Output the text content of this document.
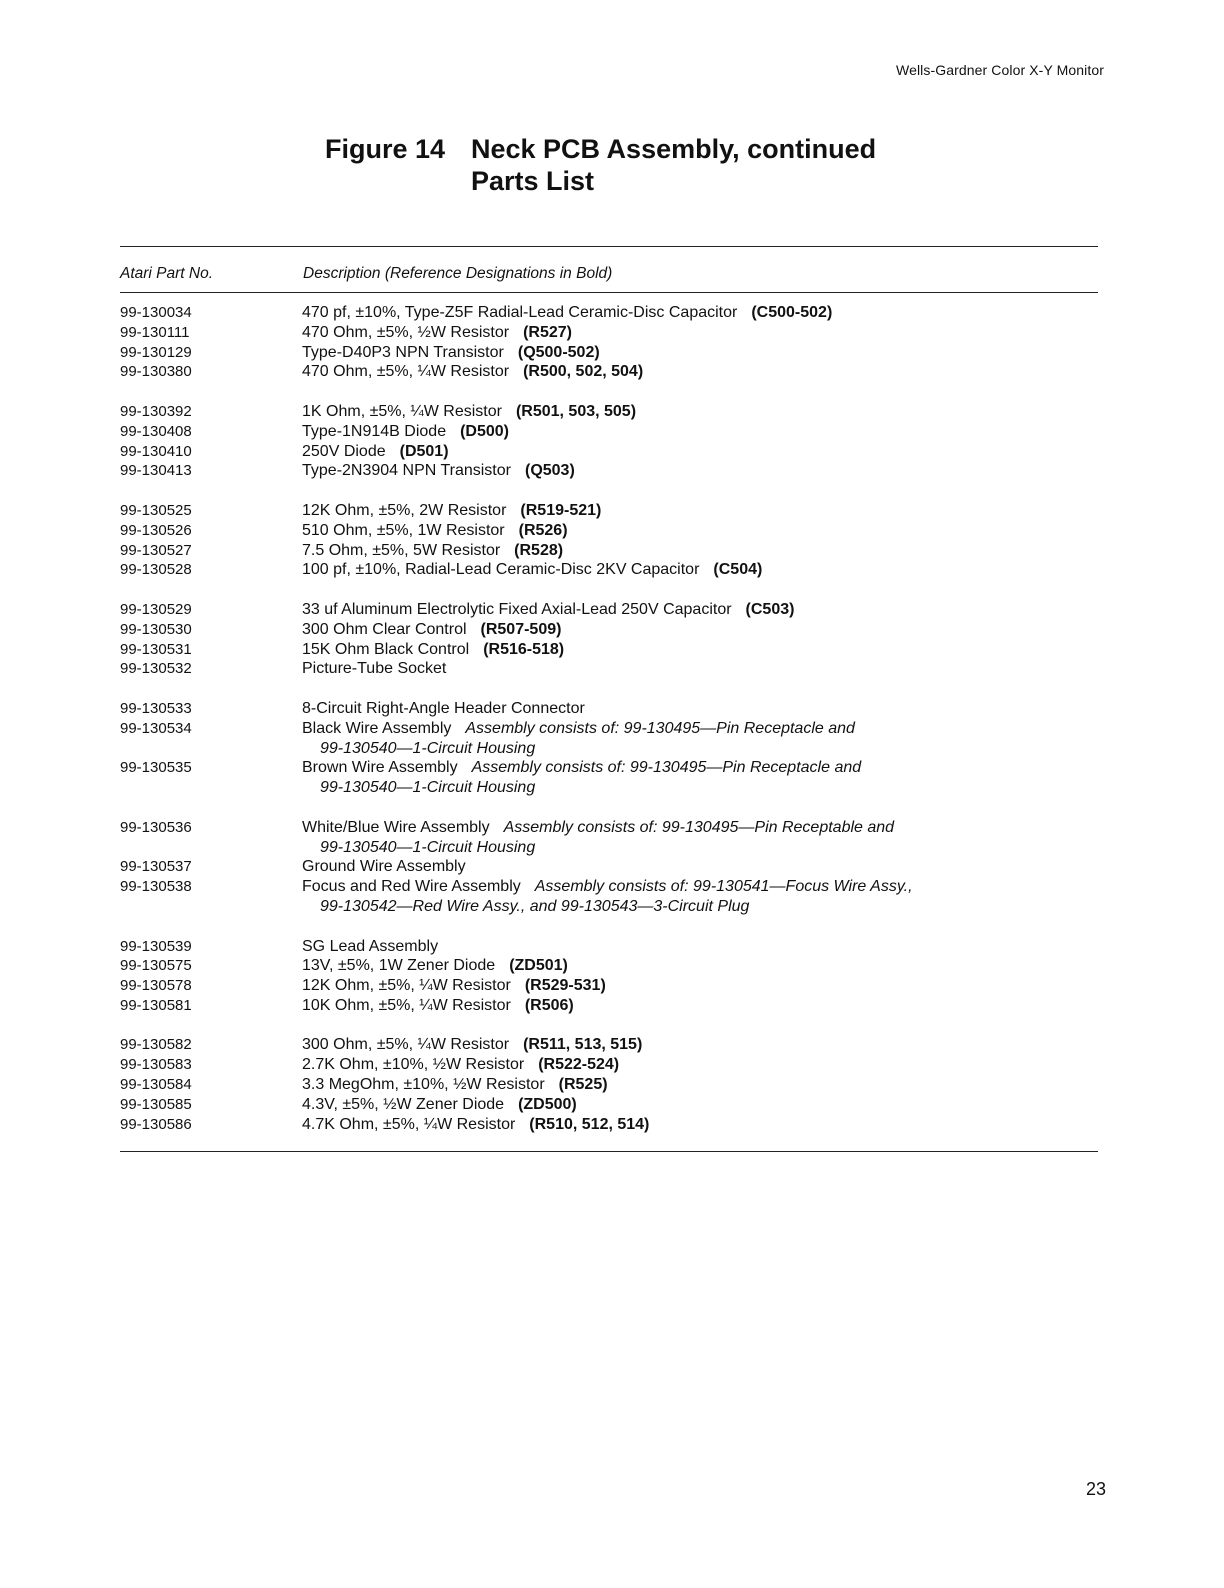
Wells-Gardner Color X-Y Monitor
Figure 14 Neck PCB Assembly, continued
Parts List
Atari Part No.	Description (Reference Designations in Bold)
99-130034	470 pf, ±10%, Type-Z5F Radial-Lead Ceramic-Disc Capacitor (C500-502)
99-130111	470 Ohm, ±5%, ½W Resistor (R527)
99-130129	Type-D40P3 NPN Transistor (Q500-502)
99-130380	470 Ohm, ±5%, ¼W Resistor (R500, 502, 504)
99-130392	1K Ohm, ±5%, ¼W Resistor (R501, 503, 505)
99-130408	Type-1N914B Diode (D500)
99-130410	250V Diode (D501)
99-130413	Type-2N3904 NPN Transistor (Q503)
99-130525	12K Ohm, ±5%, 2W Resistor (R519-521)
99-130526	510 Ohm, ±5%, 1W Resistor (R526)
99-130527	7.5 Ohm, ±5%, 5W Resistor (R528)
99-130528	100 pf, ±10%, Radial-Lead Ceramic-Disc 2KV Capacitor (C504)
99-130529	33 uf Aluminum Electrolytic Fixed Axial-Lead 250V Capacitor (C503)
99-130530	300 Ohm Clear Control (R507-509)
99-130531	15K Ohm Black Control (R516-518)
99-130532	Picture-Tube Socket
99-130533	8-Circuit Right-Angle Header Connector
99-130534	Black Wire Assembly Assembly consists of: 99-130495—Pin Receptacle and
99-130540—1-Circuit Housing
99-130535	Brown Wire Assembly Assembly consists of: 99-130495—Pin Receptacle and
99-130540—1-Circuit Housing
99-130536	White/Blue Wire Assembly Assembly consists of: 99-130495—Pin Receptable and
99-130540—1-Circuit Housing
99-130537	Ground Wire Assembly
99-130538	Focus and Red Wire Assembly Assembly consists of: 99-130541—Focus Wire Assy.,
99-130542—Red Wire Assy., and 99-130543—3-Circuit Plug
99-130539	SG Lead Assembly
99-130575	13V, ±5%, 1W Zener Diode (ZD501)
99-130578	12K Ohm, ±5%, ¼W Resistor (R529-531)
99-130581	10K Ohm, ±5%, ¼W Resistor (R506)
99-130582	300 Ohm, ±5%, ¼W Resistor (R511, 513, 515)
99-130583	2.7K Ohm, ±10%, ½W Resistor (R522-524)
99-130584	3.3 MegOhm, ±10%, ½W Resistor (R525)
99-130585	4.3V, ±5%, ½W Zener Diode (ZD500)
99-130586	4.7K Ohm, ±5%, ¼W Resistor (R510, 512, 514)
23
